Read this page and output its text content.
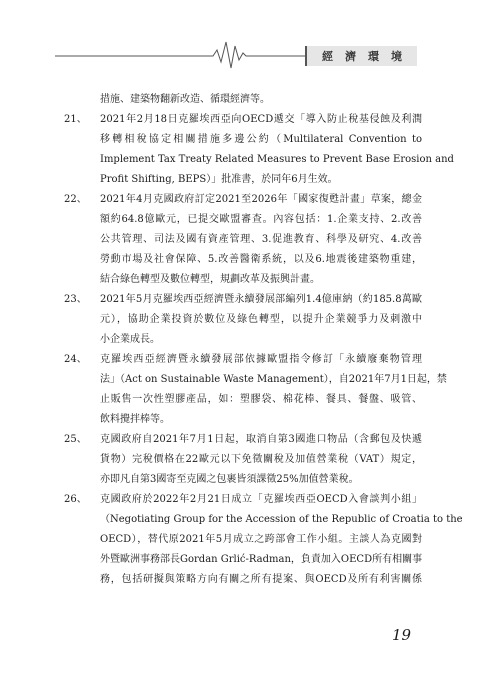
經濟環境
措施、建築物翻新改造、循環經濟等。
21、 2021年2月18日克羅埃西亞向OECD遞交「導入防止稅基侵蝕及利潤
移轉相稅協定相關措施多邊公約（Multilateral Convention to
Implement Tax Treaty Related Measures to Prevent Base Erosion and
Profit Shifting, BEPS）」批准書，於同年6月生效。
22、 2021年4月克國政府訂定2021至2026年「國家復甦計畫」草案，總金
額約64.8億歐元，已提交歐盟審查。內容包括：1.企業支持、2.改善
公共管理、司法及國有資產管理、3.促進教育、科學及研究、4.改善
勞動市場及社會保障、5.改善醫衛系統，以及6.地震後建築物重建，
結合綠色轉型及數位轉型，規劃改革及振興計畫。
23、 2021年5月克羅埃西亞經濟暨永續發展部編列1.4億庫納（約185.8萬歐
元），協助企業投資於數位及綠色轉型，以提升企業競爭力及刺激中
小企業成長。
24、 克羅埃西亞經濟暨永續發展部依據歐盟指令修訂「永續廢棄物管理
法」（Act on Sustainable Waste Management），自2021年7月1日起，禁
止販售一次性塑膠產品，如：塑膠袋、棉花棒、餐具、餐盤、吸管、
飲料攪拌棒等。
25、 克國政府自2021年7月1日起，取消自第3國進口物品（含郵包及快遞
貨物）完稅價格在22歐元以下免徵關稅及加值營業稅（VAT）規定，
亦即凡自第3國寄至克國之包裹皆須課徵25%加值營業稅。
26、 克國政府於2022年2月21日成立「克羅埃西亞OECD入會談判小組」
（Negotiating Group for the Accession of the Republic of Croatia to the
OECD），替代原2021年5月成立之跨部會工作小組。主談人為克國對
外暨歐洲事務部長Gordan Grlić-Radman，負責加入OECD所有相關事
務，包括研擬與策略方向有關之所有提案、與OECD及所有利害關係
19
